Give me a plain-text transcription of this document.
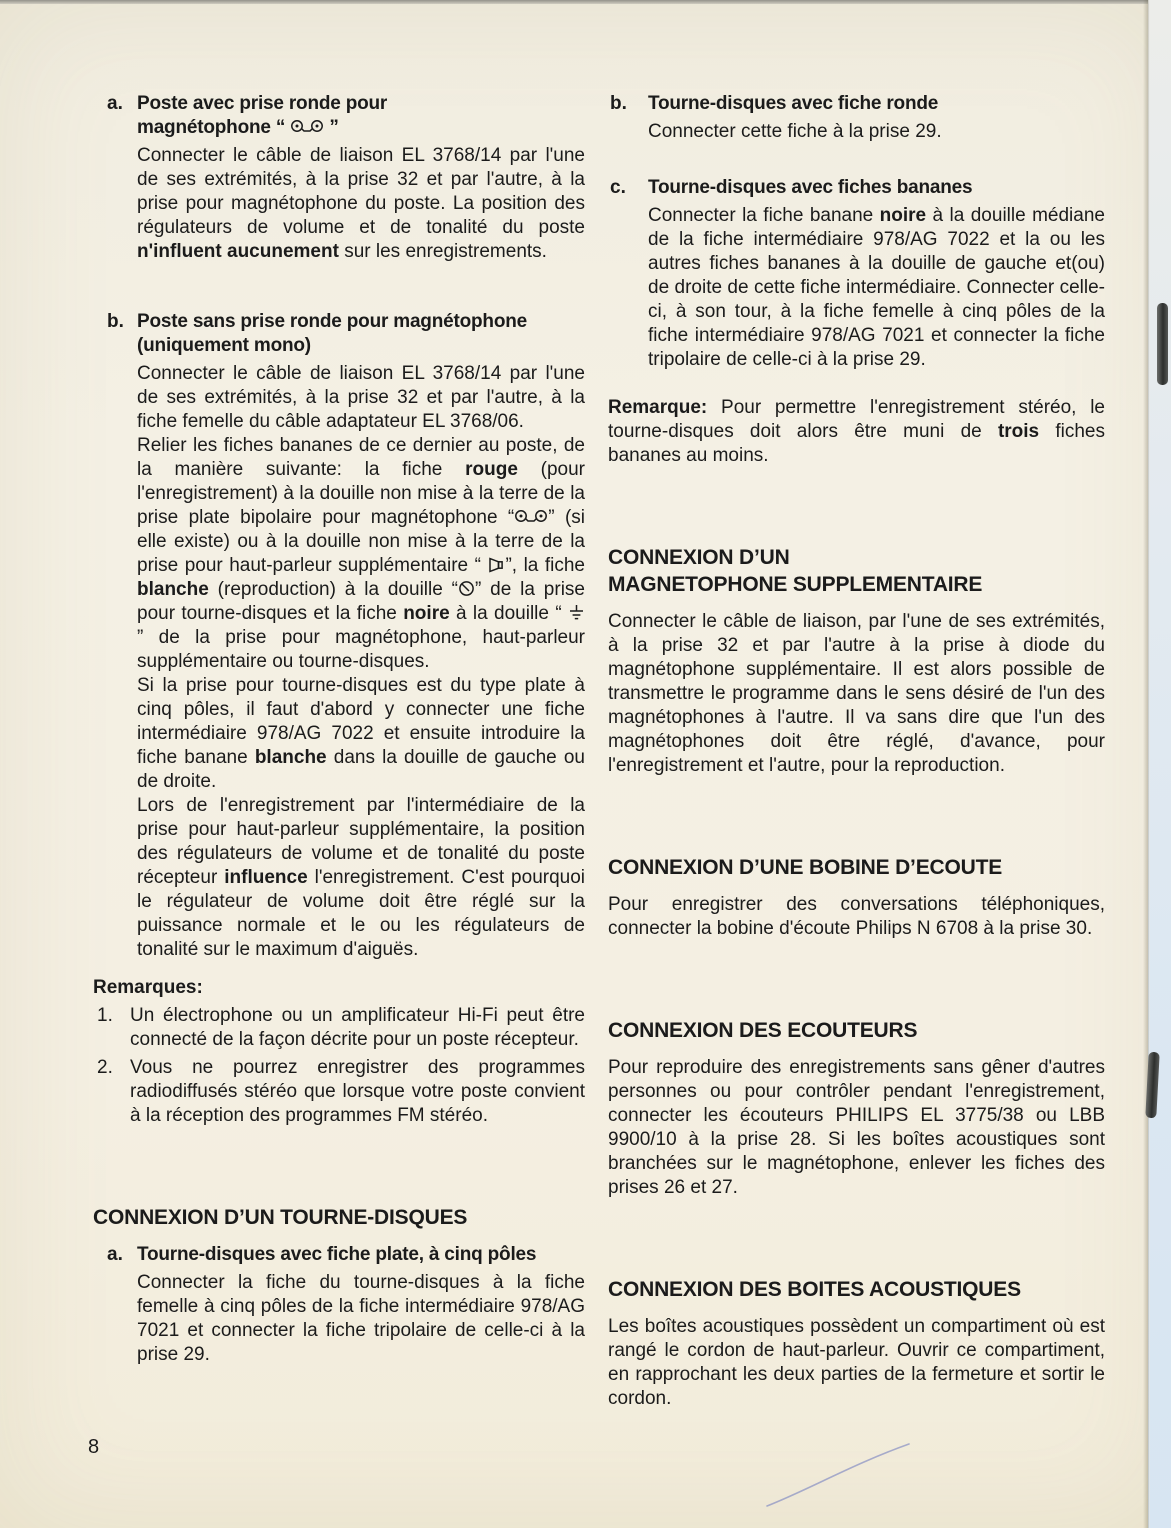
a. Poste avec prise ronde pour
magnétophone “  ”
Connecter le câble de liaison EL 3768/14 par l'une de ses extrémités, à la prise 32 et par l'autre, à la prise pour magnétophone du poste. La position des régulateurs de volume et de tonalité du poste n'influent aucunement sur les enregistrements.
b. Poste sans prise ronde pour magnétophone
(uniquement mono)
Connecter le câble de liaison EL 3768/14 par l'une de ses extrémités, à la prise 32 et par l'autre, à la fiche femelle du câble adaptateur EL 3768/06.
Relier les fiches bananes de ce dernier au poste, de la manière suivante: la fiche rouge (pour l'enregistrement) à la douille non mise à la terre de la prise plate bipolaire pour magnétophone “ ” (si elle existe) ou à la douille non mise à la terre de la prise pour haut-parleur supplémentaire “ ”, la fiche blanche (reproduction) à la douille “ ” de la prise pour tourne-disques et la fiche noire à la douille “  ” de la prise pour magnétophone, haut-parleur supplémentaire ou tourne-disques.
Si la prise pour tourne-disques est du type plate à cinq pôles, il faut d'abord y connecter une fiche intermédiaire 978/AG 7022 et ensuite introduire la fiche banane blanche dans la douille de gauche ou de droite.
Lors de l'enregistrement par l'intermédiaire de la prise pour haut-parleur supplémentaire, la position des régulateurs de volume et de tonalité du poste récepteur influence l'enregistrement. C'est pourquoi le régulateur de volume doit être réglé sur la puissance normale et le ou les régulateurs de tonalité sur le maximum d'aiguës.
Remarques:
1. Un électrophone ou un amplificateur Hi-Fi peut être connecté de la façon décrite pour un poste récepteur.
2. Vous ne pourrez enregistrer des programmes radiodiffusés stéréo que lorsque votre poste convient à la réception des programmes FM stéréo.
CONNEXION D’UN TOURNE-DISQUES
a. Tourne-disques avec fiche plate, à cinq pôles
Connecter la fiche du tourne-disques à la fiche femelle à cinq pôles de la fiche intermédiaire 978/AG 7021 et connecter la fiche tripolaire de celle-ci à la prise 29.
b. Tourne-disques avec fiche ronde
Connecter cette fiche à la prise 29.
c. Tourne-disques avec fiches bananes
Connecter la fiche banane noire à la douille médiane de la fiche intermédiaire 978/AG 7022 et la ou les autres fiches bananes à la douille de gauche et(ou) de droite de cette fiche intermédiaire. Connecter celle-ci, à son tour, à la fiche femelle à cinq pôles de la fiche intermédiaire 978/AG 7021 et connecter la fiche tripolaire de celle-ci à la prise 29.
Remarque: Pour permettre l'enregistrement stéréo, le tourne-disques doit alors être muni de trois fiches bananes au moins.
CONNEXION D’UN
MAGNETOPHONE SUPPLEMENTAIRE
Connecter le câble de liaison, par l'une de ses extrémités, à la prise 32 et par l'autre à la prise à diode du magnétophone supplémentaire. Il est alors possible de transmettre le programme dans le sens désiré de l'un des magnétophones à l'autre. Il va sans dire que l'un des magnétophones doit être réglé, d'avance, pour l'enregistrement et l'autre, pour la reproduction.
CONNEXION D’UNE BOBINE D’ECOUTE
Pour enregistrer des conversations téléphoniques, connecter la bobine d'écoute Philips N 6708 à la prise 30.
CONNEXION DES ECOUTEURS
Pour reproduire des enregistrements sans gêner d'autres personnes ou pour contrôler pendant l'enregistrement, connecter les écouteurs PHILIPS EL 3775/38 ou LBB 9900/10 à la prise 28. Si les boîtes acoustiques sont branchées sur le magnétophone, enlever les fiches des prises 26 et 27.
CONNEXION DES BOITES ACOUSTIQUES
Les boîtes acoustiques possèdent un compartiment où est rangé le cordon de haut-parleur. Ouvrir ce compartiment, en rapprochant les deux parties de la fermeture et sortir le cordon.
8
